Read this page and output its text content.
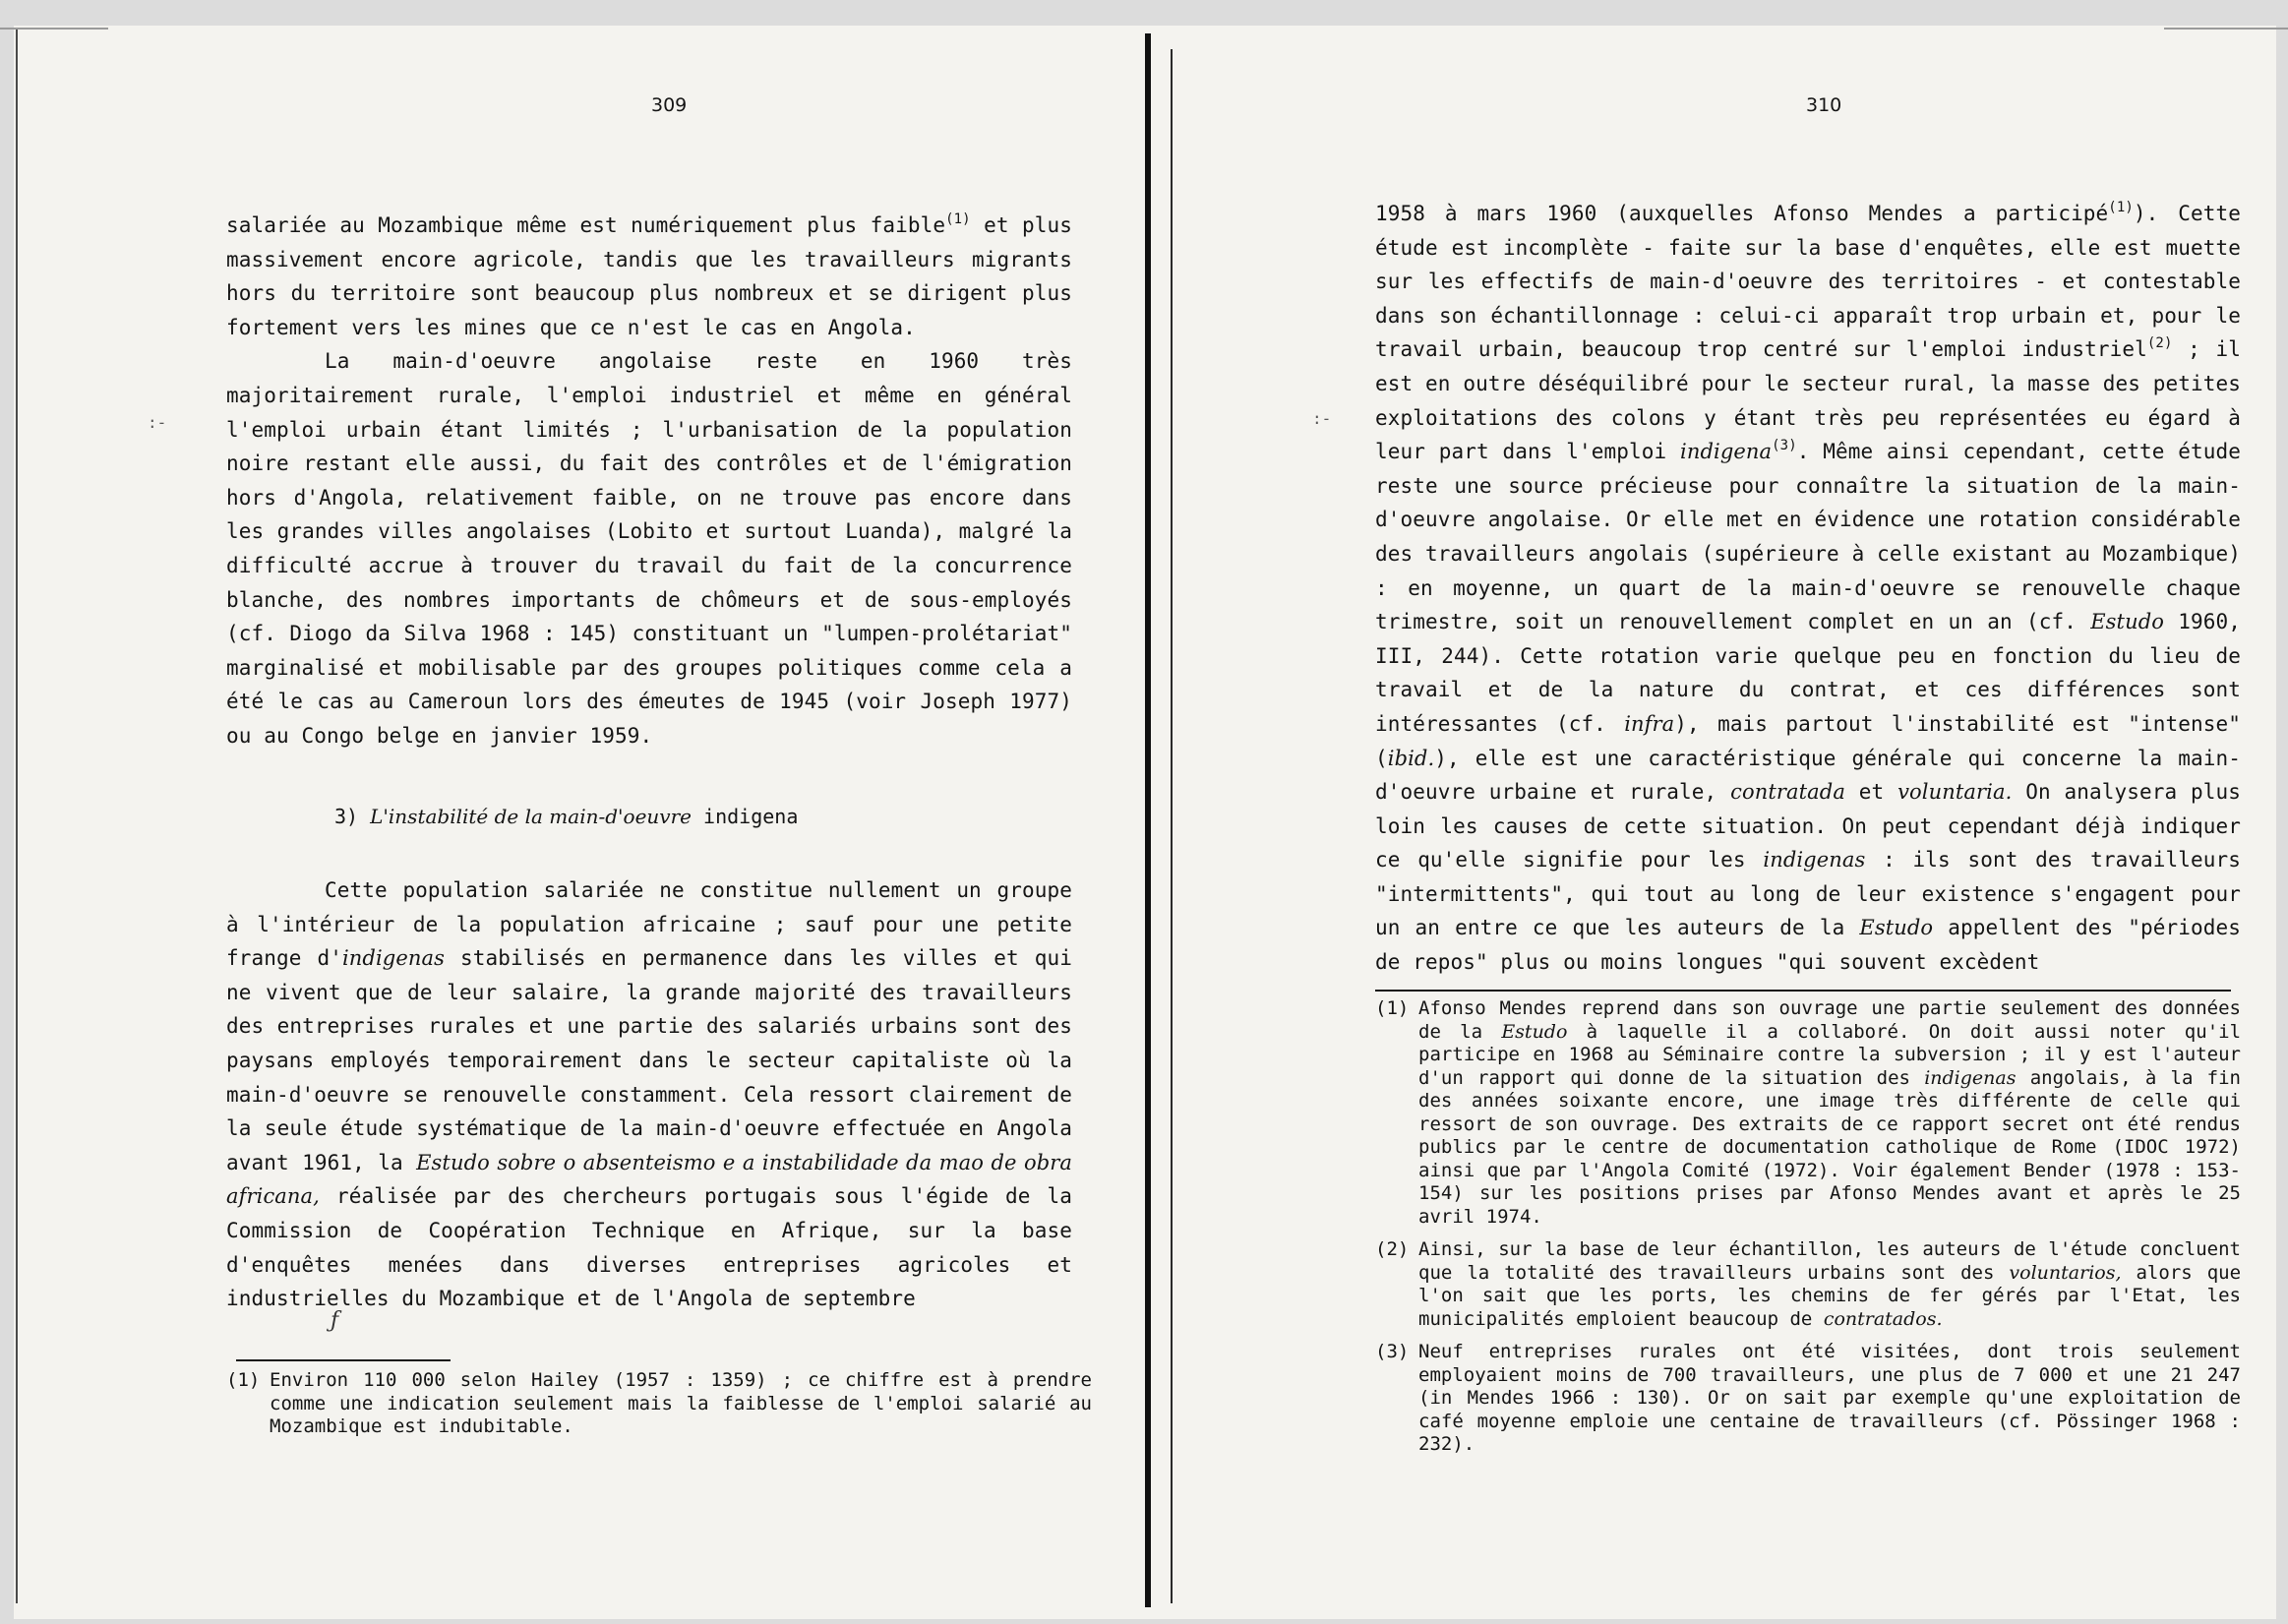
309

salariée au Mozambique même est numériquement plus faible$^{(1)}$ et plus massivement encore agricole, tandis que les travailleurs migrants hors du territoire sont beaucoup plus nombreux et se dirigent plus fortement vers les mines que ce n'est le cas en Angola.

La main-d'oeuvre angolaise reste en 1960 très majoritairement rurale, l'emploi industriel et même en général l'emploi urbain étant limités ; l'urbanisation de la population noire restant elle aussi, du fait des contrôles et de l'émigration hors d'Angola, relativement faible, on ne trouve pas encore dans les grandes villes angolaises (Lobito et surtout Luanda), malgré la difficulté accrue à trouver du travail du fait de la concurrence blanche, des nombres importants de chômeurs et de sous-employés (cf. Diogo da Silva 1968 : 145) constituant un "lumpen-prolétariat" marginalisé et mobilisable par des groupes politiques comme cela a été le cas au Cameroun lors des émeutes de 1945 (voir Joseph 1977) ou au Congo belge en janvier 1959.

3) L'instabilité de la main-d'oeuvre indigena

Cette population salariée ne constitue nullement un groupe à l'intérieur de la population africaine ; sauf pour une petite frange d'indigenas stabilisés en permanence dans les villes et qui ne vivent que de leur salaire, la grande majorité des travailleurs des entreprises rurales et une partie des salariés urbains sont des paysans employés temporairement dans le secteur capitaliste où la main-d'oeuvre se renouvelle constamment. Cela ressort clairement de la seule étude systématique de la main-d'oeuvre effectuée en Angola avant 1961, la Estudo sobre o absenteismo e a instabilidade da mao de obra africana, réalisée par des chercheurs portugais sous l'égide de la Commission de Coopération Technique en Afrique, sur la base d'enquêtes menées dans diverses entreprises agricoles et industrielles du Mozambique et de l'Angola de septembre

ƒ
(1) Environ 110 000 selon Hailey (1957 : 1359) ; ce chiffre est à prendre comme une indication seulement mais la faiblesse de l'emploi salarié au Mozambique est indubitable.
:-
310

1958 à mars 1960 (auxquelles Afonso Mendes a participé$^{(1)}$). Cette étude est incomplète - faite sur la base d'enquêtes, elle est muette sur les effectifs de main-d'oeuvre des territoires - et contestable dans son échantillonnage : celui-ci apparaît trop urbain et, pour le travail urbain, beaucoup trop centré sur l'emploi industriel$^{(2)}$ ; il est en outre déséquilibré pour le secteur rural, la masse des petites exploitations des colons y étant très peu représentées eu égard à leur part dans l'emploi indigena$^{(3)}$. Même ainsi cependant, cette étude reste une source précieuse pour connaître la situation de la main-d'oeuvre angolaise. Or elle met en évidence une rotation considérable des travailleurs angolais (supérieure à celle existant au Mozambique) : en moyenne, un quart de la main-d'oeuvre se renouvelle chaque trimestre, soit un renouvellement complet en un an (cf. Estudo 1960, III, 244). Cette rotation varie quelque peu en fonction du lieu de travail et de la nature du contrat, et ces différences sont intéressantes (cf. infra), mais partout l'instabilité est "intense" (ibid.), elle est une caractéristique générale qui concerne la main-d'oeuvre urbaine et rurale, contratada et voluntaria. On analysera plus loin les causes de cette situation. On peut cependant déjà indiquer ce qu'elle signifie pour les indigenas : ils sont des travailleurs "intermittents", qui tout au long de leur existence s'engagent pour un an entre ce que les auteurs de la Estudo appellent des "périodes de repos" plus ou moins longues "qui souvent excèdent

(1) Afonso Mendes reprend dans son ouvrage une partie seulement des données de la Estudo à laquelle il a collaboré. On doit aussi noter qu'il participe en 1968 au Séminaire contre la subversion ; il y est l'auteur d'un rapport qui donne de la situation des indigenas angolais, à la fin des années soixante encore, une image très différente de celle qui ressort de son ouvrage. Des extraits de ce rapport secret ont été rendus publics par le centre de documentation catholique de Rome (IDOC 1972) ainsi que par l'Angola Comité (1972). Voir également Bender (1978 : 153-154) sur les positions prises par Afonso Mendes avant et après le 25 avril 1974.
(2) Ainsi, sur la base de leur échantillon, les auteurs de l'étude concluent que la totalité des travailleurs urbains sont des voluntarios, alors que l'on sait que les ports, les chemins de fer gérés par l'Etat, les municipalités emploient beaucoup de contratados.
(3) Neuf entreprises rurales ont été visitées, dont trois seulement employaient moins de 700 travailleurs, une plus de 7 000 et une 21 247 (in Mendes 1966 : 130). Or on sait par exemple qu'une exploitation de café moyenne emploie une centaine de travailleurs (cf. Pössinger 1968 : 232).
:-
